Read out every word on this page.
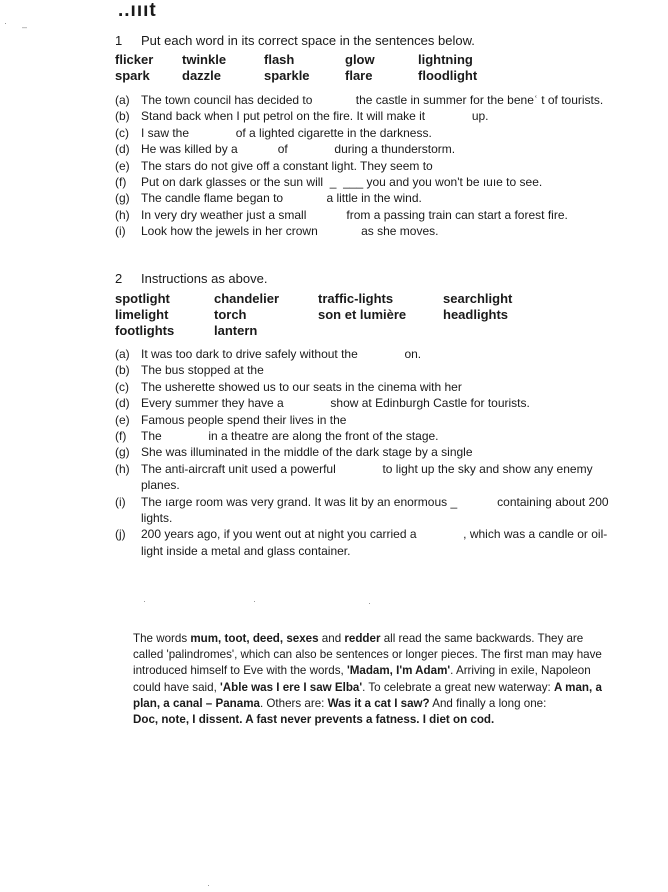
..ıııt
1 Put each word in its correct space in the sentences below.
flicker twinkle	flash	glow	lightning
spark dazzle	sparkle	flare	floodlight
(a) The town council has decided to             the castle in summer for the beneʿ t of tourists.
(b) Stand back when I put petrol on the fire. It will make it              up.
(c) I saw the              of a lighted cigarette in the darkness.
(d) He was killed by a            of              during a thunderstorm.
(e) The stars do not give off a constant light. They seem to
(f) Put on dark glasses or the sun will  _  ___ you and you won't be ıuıe to see.
(g) The candle flame began to             a little in the wind.
(h) In very dry weather just a small            from a passing train can start a forest fire.
(i) Look how the jewels in her crown             as she moves.
2 Instructions as above.
spotlight	chandelier	traffic-lights	searchlight
limelight	torch	son et lumière	headlights
footlights	lantern
(a) It was too dark to drive safely without the              on.
(b) The bus stopped at the
(c) The usherette showed us to our seats in the cinema with her
(d) Every summer they have a              show at Edinburgh Castle for tourists.
(e) Famous people spend their lives in the
(f) The              in a theatre are along the front of the stage.
(g) She was illuminated in the middle of the dark stage by a single
(h) The anti-aircraft unit used a powerful              to light up the sky and show any enemy planes.
(i) The ıarge room was very grand. It was lit by an enormous _            containing about 200 lights.
(j) 200 years ago, if you went out at night you carried a              , which was a candle or oil-light inside a metal and glass container.
The words mum, toot, deed, sexes and redder all read the same backwards. They are called 'palindromes', which can also be sentences or longer pieces. The first man may have introduced himself to Eve with the words, 'Madam, I'm Adam'. Arriving in exile, Napoleon could have said, 'Able was I ere I saw Elba'. To celebrate a great new waterway: A man, a plan, a canal – Panama. Others are: Was it a cat I saw? And finally a long one:
Doc, note, I dissent. A fast never prevents a fatness. I diet on cod.
· –
·	·	·
·
